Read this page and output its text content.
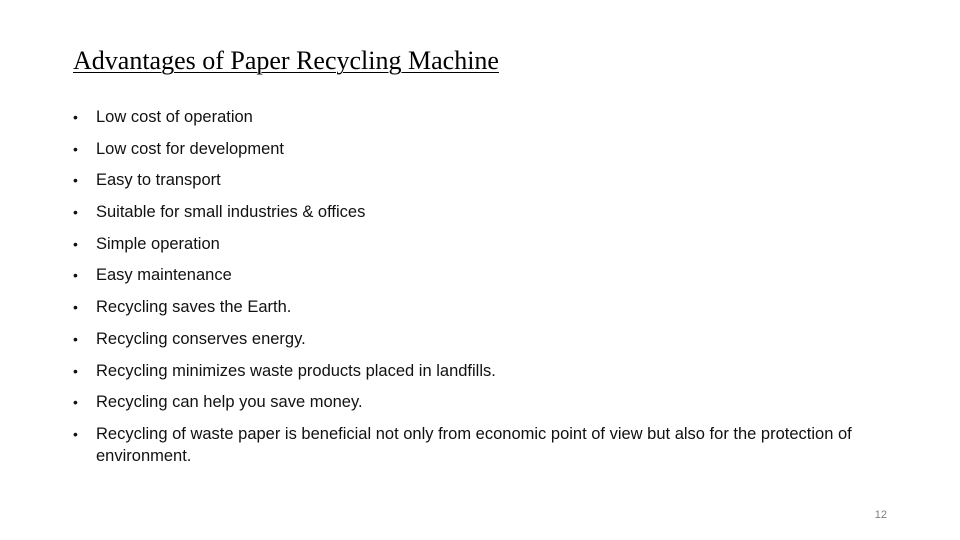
Advantages of Paper Recycling Machine
•	Low cost of operation
•	Low cost for development
•	Easy to transport
•	Suitable for small industries & offices
•	Simple operation
•	Easy maintenance
•	Recycling saves the Earth.
•	Recycling conserves energy.
•	Recycling minimizes waste products placed in landfills.
•	Recycling can help you save money.
•	Recycling of waste paper is beneficial not only from economic point of view but also for the protection of environment.
12
